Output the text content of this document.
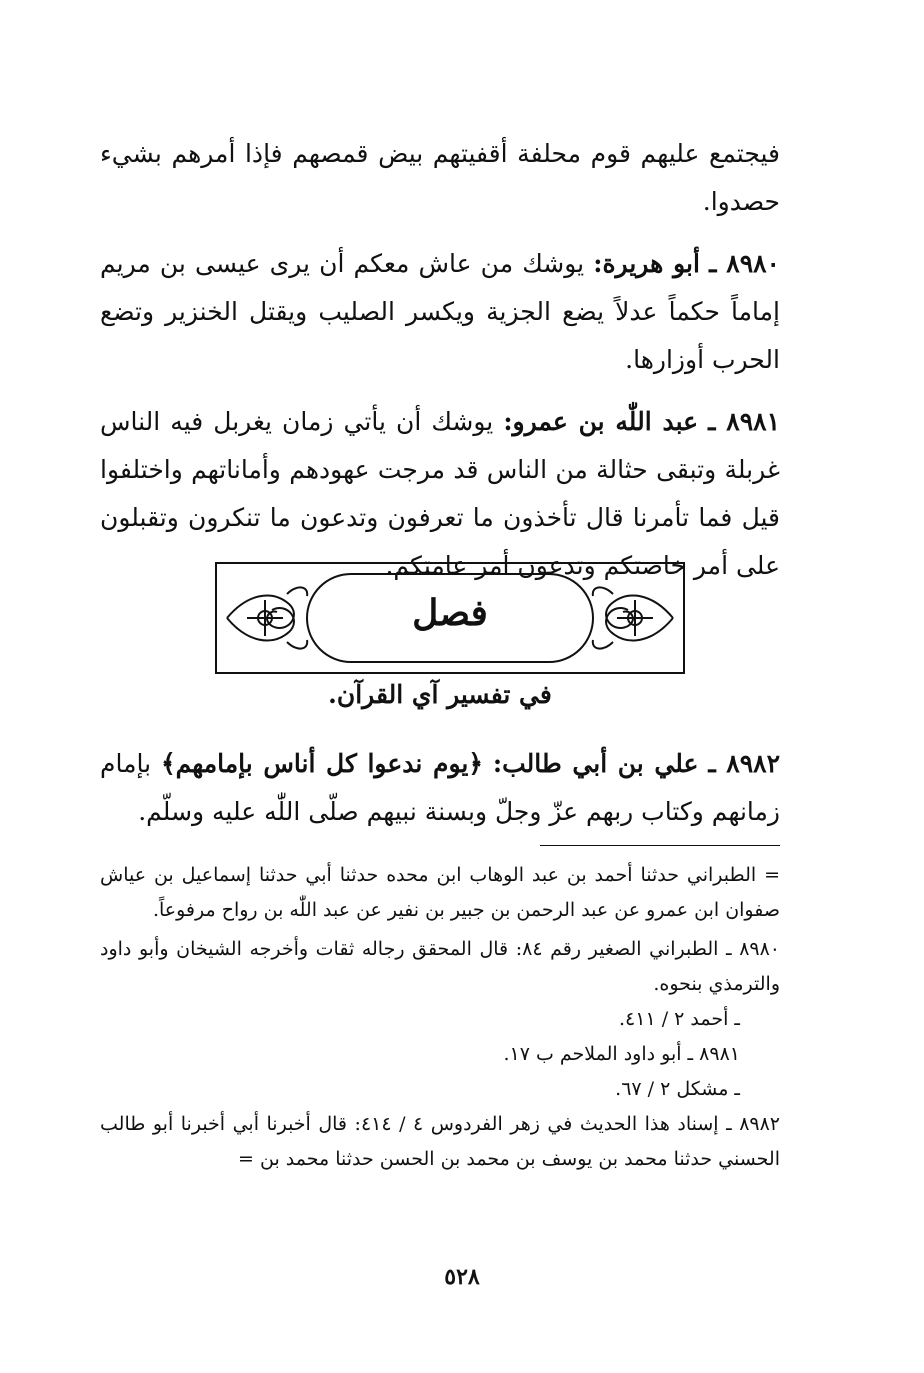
فيجتمع عليهم قوم محلفة أقفيتهم بيض قمصهم فإذا أمرهم بشيء حصدوا.

٨٩٨٠ ـ أبو هريرة: يوشك من عاش معكم أن يرى عيسى بن مريم إماماً حكماً عدلاً يضع الجزية ويكسر الصليب ويقتل الخنزير وتضع الحرب أوزارها.

٨٩٨١ ـ عبد اللّٰه بن عمرو: يوشك أن يأتي زمان يغربل فيه الناس غربلة وتبقى حثالة من الناس قد مرجت عهودهم وأماناتهم واختلفوا قيل فما تأمرنا قال تأخذون ما تعرفون وتدعون ما تنكرون وتقبلون على أمر خاصتكم وتدعون أمر عامتكم.

فصل
في تفسير آي القرآن.

٨٩٨٢ ـ علي بن أبي طالب: ﴿يوم ندعوا كل أناس بإمامهم﴾ بإمام زمانهم وكتاب ربهم عزّ وجلّ وبسنة نبيهم صلّى اللّٰه عليه وسلّم.

= الطبراني حدثنا أحمد بن عبد الوهاب ابن محده حدثنا أبي حدثنا إسماعيل بن عياش صفوان ابن عمرو عن عبد الرحمن بن جبير بن نفير عن عبد اللّٰه بن رواح مرفوعاً.

٨٩٨٠ ـ الطبراني الصغير رقم ٨٤: قال المحقق رجاله ثقات وأخرجه الشيخان وأبو داود والترمذي بنحوه.

ـ أحمد ٢ / ٤١١.

٨٩٨١ ـ أبو داود الملاحم ب ١٧.

ـ مشكل ٢ / ٦٧.

٨٩٨٢ ـ إسناد هذا الحديث في زهر الفردوس ٤ / ٤١٤: قال أخبرنا أبي أخبرنا أبو طالب الحسني حدثنا محمد بن يوسف بن محمد بن الحسن حدثنا محمد بن =

٥٢٨
